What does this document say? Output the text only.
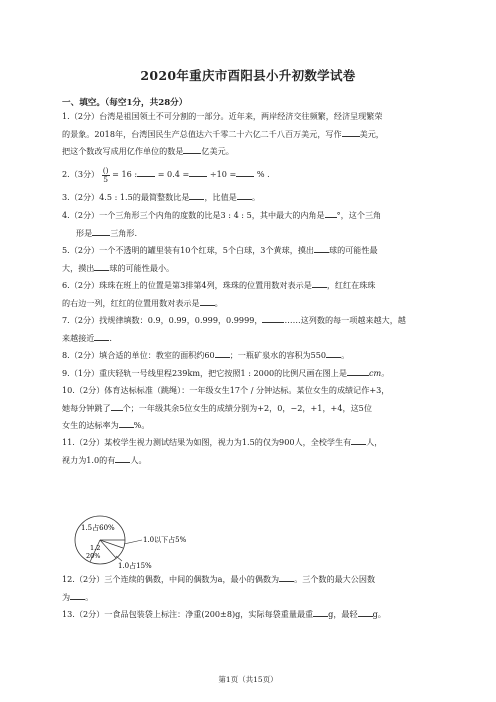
2020年重庆市酉阳县小升初数学试卷
一、填空。（每空1分，共28分）

1.（2分）台湾是祖国领土不可分割的一部分。近年来，两岸经济交往频繁，经济呈现繁荣

的景象。2018年，台湾国民生产总值达六千零二十六亿二千八百万美元，写作 美元，

把这个数改写成用亿作单位的数是 亿美元。

2.（3分） $\frac{()}{5} = 16$ :	= 0.4 =	÷10 =	% .

3.（2分）4.5 : 1.5的最简整数比是 ，比值是 。

4.（2分）一个三角形三个内角的度数的比是3 : 4 : 5，其中最大的内角是 °，这个三角

形是 三角形.

5.（2分）一个不透明的罐里装有10个红球，5个白球，3个黄球，摸出 球的可能性最

大，摸出 球的可能性最小。

6.（2分）珠珠在班上的位置是第3排第4列，珠珠的位置用数对表示是 ，红红在珠珠

的右边一列，红红的位置用数对表示是 。

7.（2分）找规律填数：0.9，0.99，0.999，0.9999，	……这列数的每一项越来越大，越

来越接近 .

8.（2分）填合适的单位：教室的面积约60 ；一瓶矿泉水的容积为550 。

9.（1分）重庆轻轨一号线里程239km，把它按照1 : 2000的比例尺画在图上是	cm。

10.（2分）体育达标标准（跳绳）：一年级女生17个 / 分钟达标。某位女生的成绩记作+3，

她每分钟跳了 个；一年级其余5位女生的成绩分别为+2，0，−2，+1，+4，这5位

女生的达标率为 %。

11.（2分）某校学生视力测试结果为如图，视力为1.5的仅为900人，全校学生有 人，

视力为1.0的有 人。

1.5占60%
1.0以下占5%
1.2
20%
1.0占15%

12.（2分）三个连续的偶数，中间的偶数为a，最小的偶数为 。三个数的最大公因数

为 。

13.（2分）一食品包装袋上标注：净重(200±8)g，实际每袋重量最重 g，最轻 g。

第1页（共15页）
